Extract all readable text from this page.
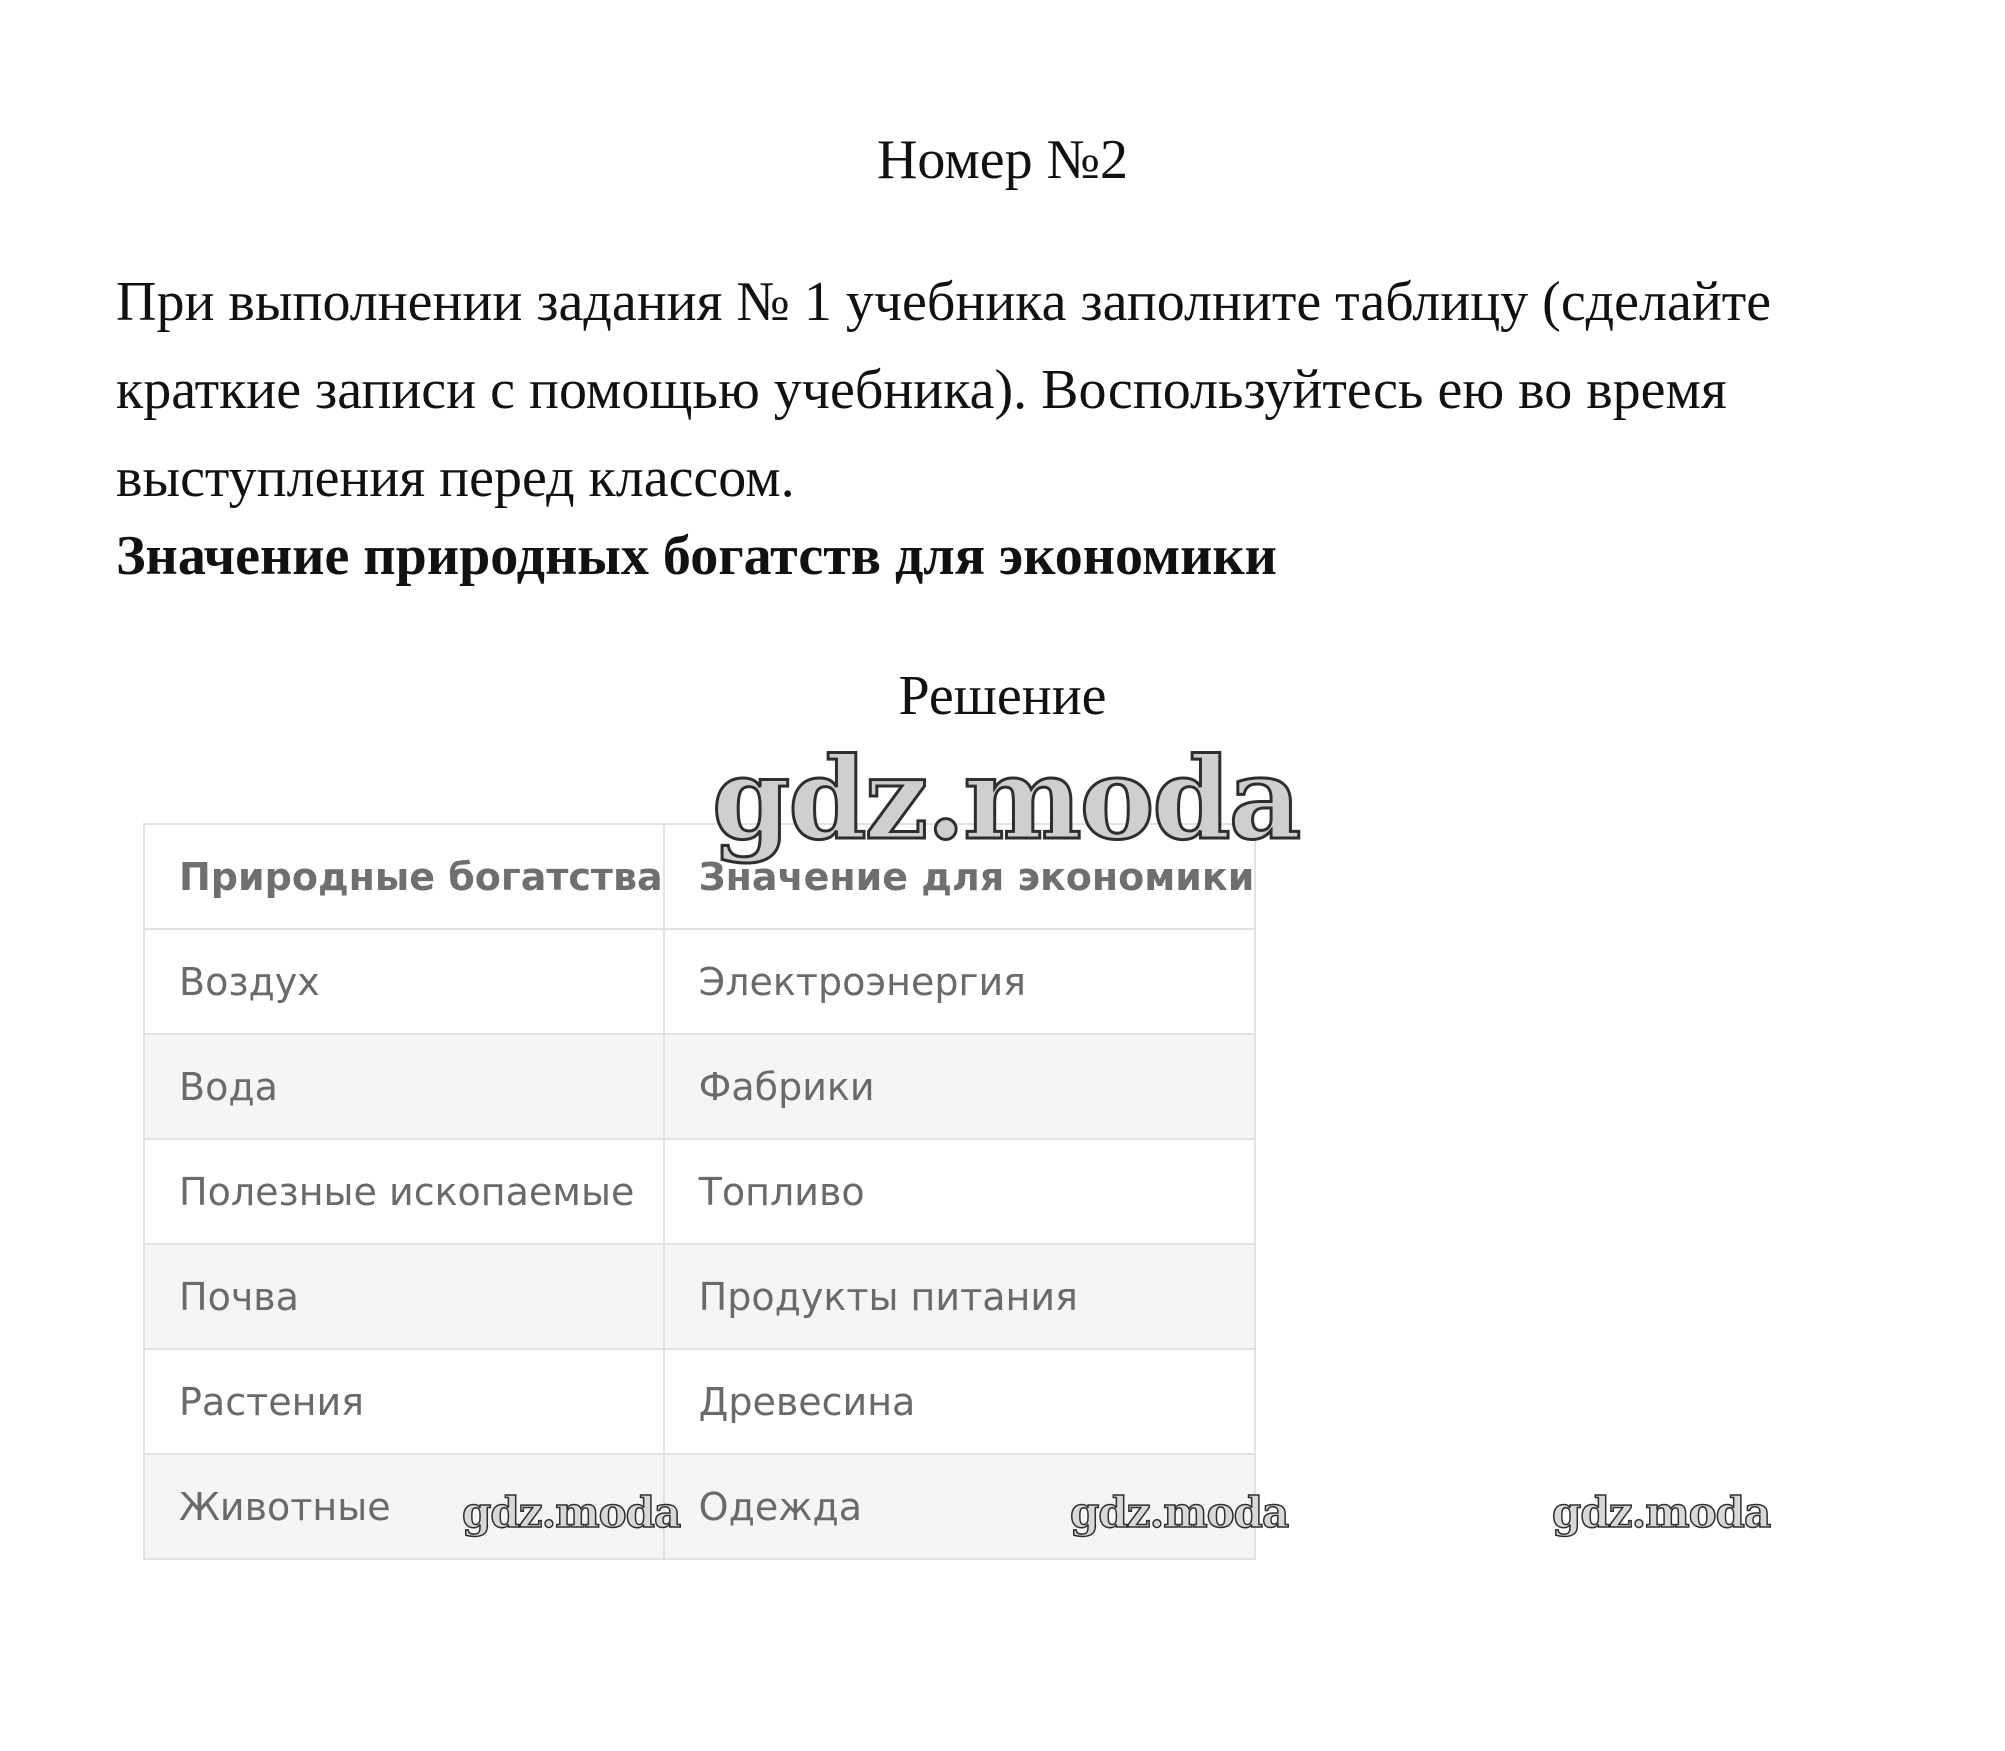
Номер №2
При выполнении задания № 1 учебника заполните таблицу (сделайте
краткие записи с помощью учебника). Воспользуйтесь ею во время
выступления перед классом.
Значение природных богатств для экономики
Решение
Природные богатства	Значение для экономики
Воздух	Электроэнергия
Вода	Фабрики
Полезные ископаемые	Топливо
Почва	Продукты питания
Растения	Древесина
Животные	Одежда
gdz.moda
gdz.moda	gdz.moda	gdz.moda
